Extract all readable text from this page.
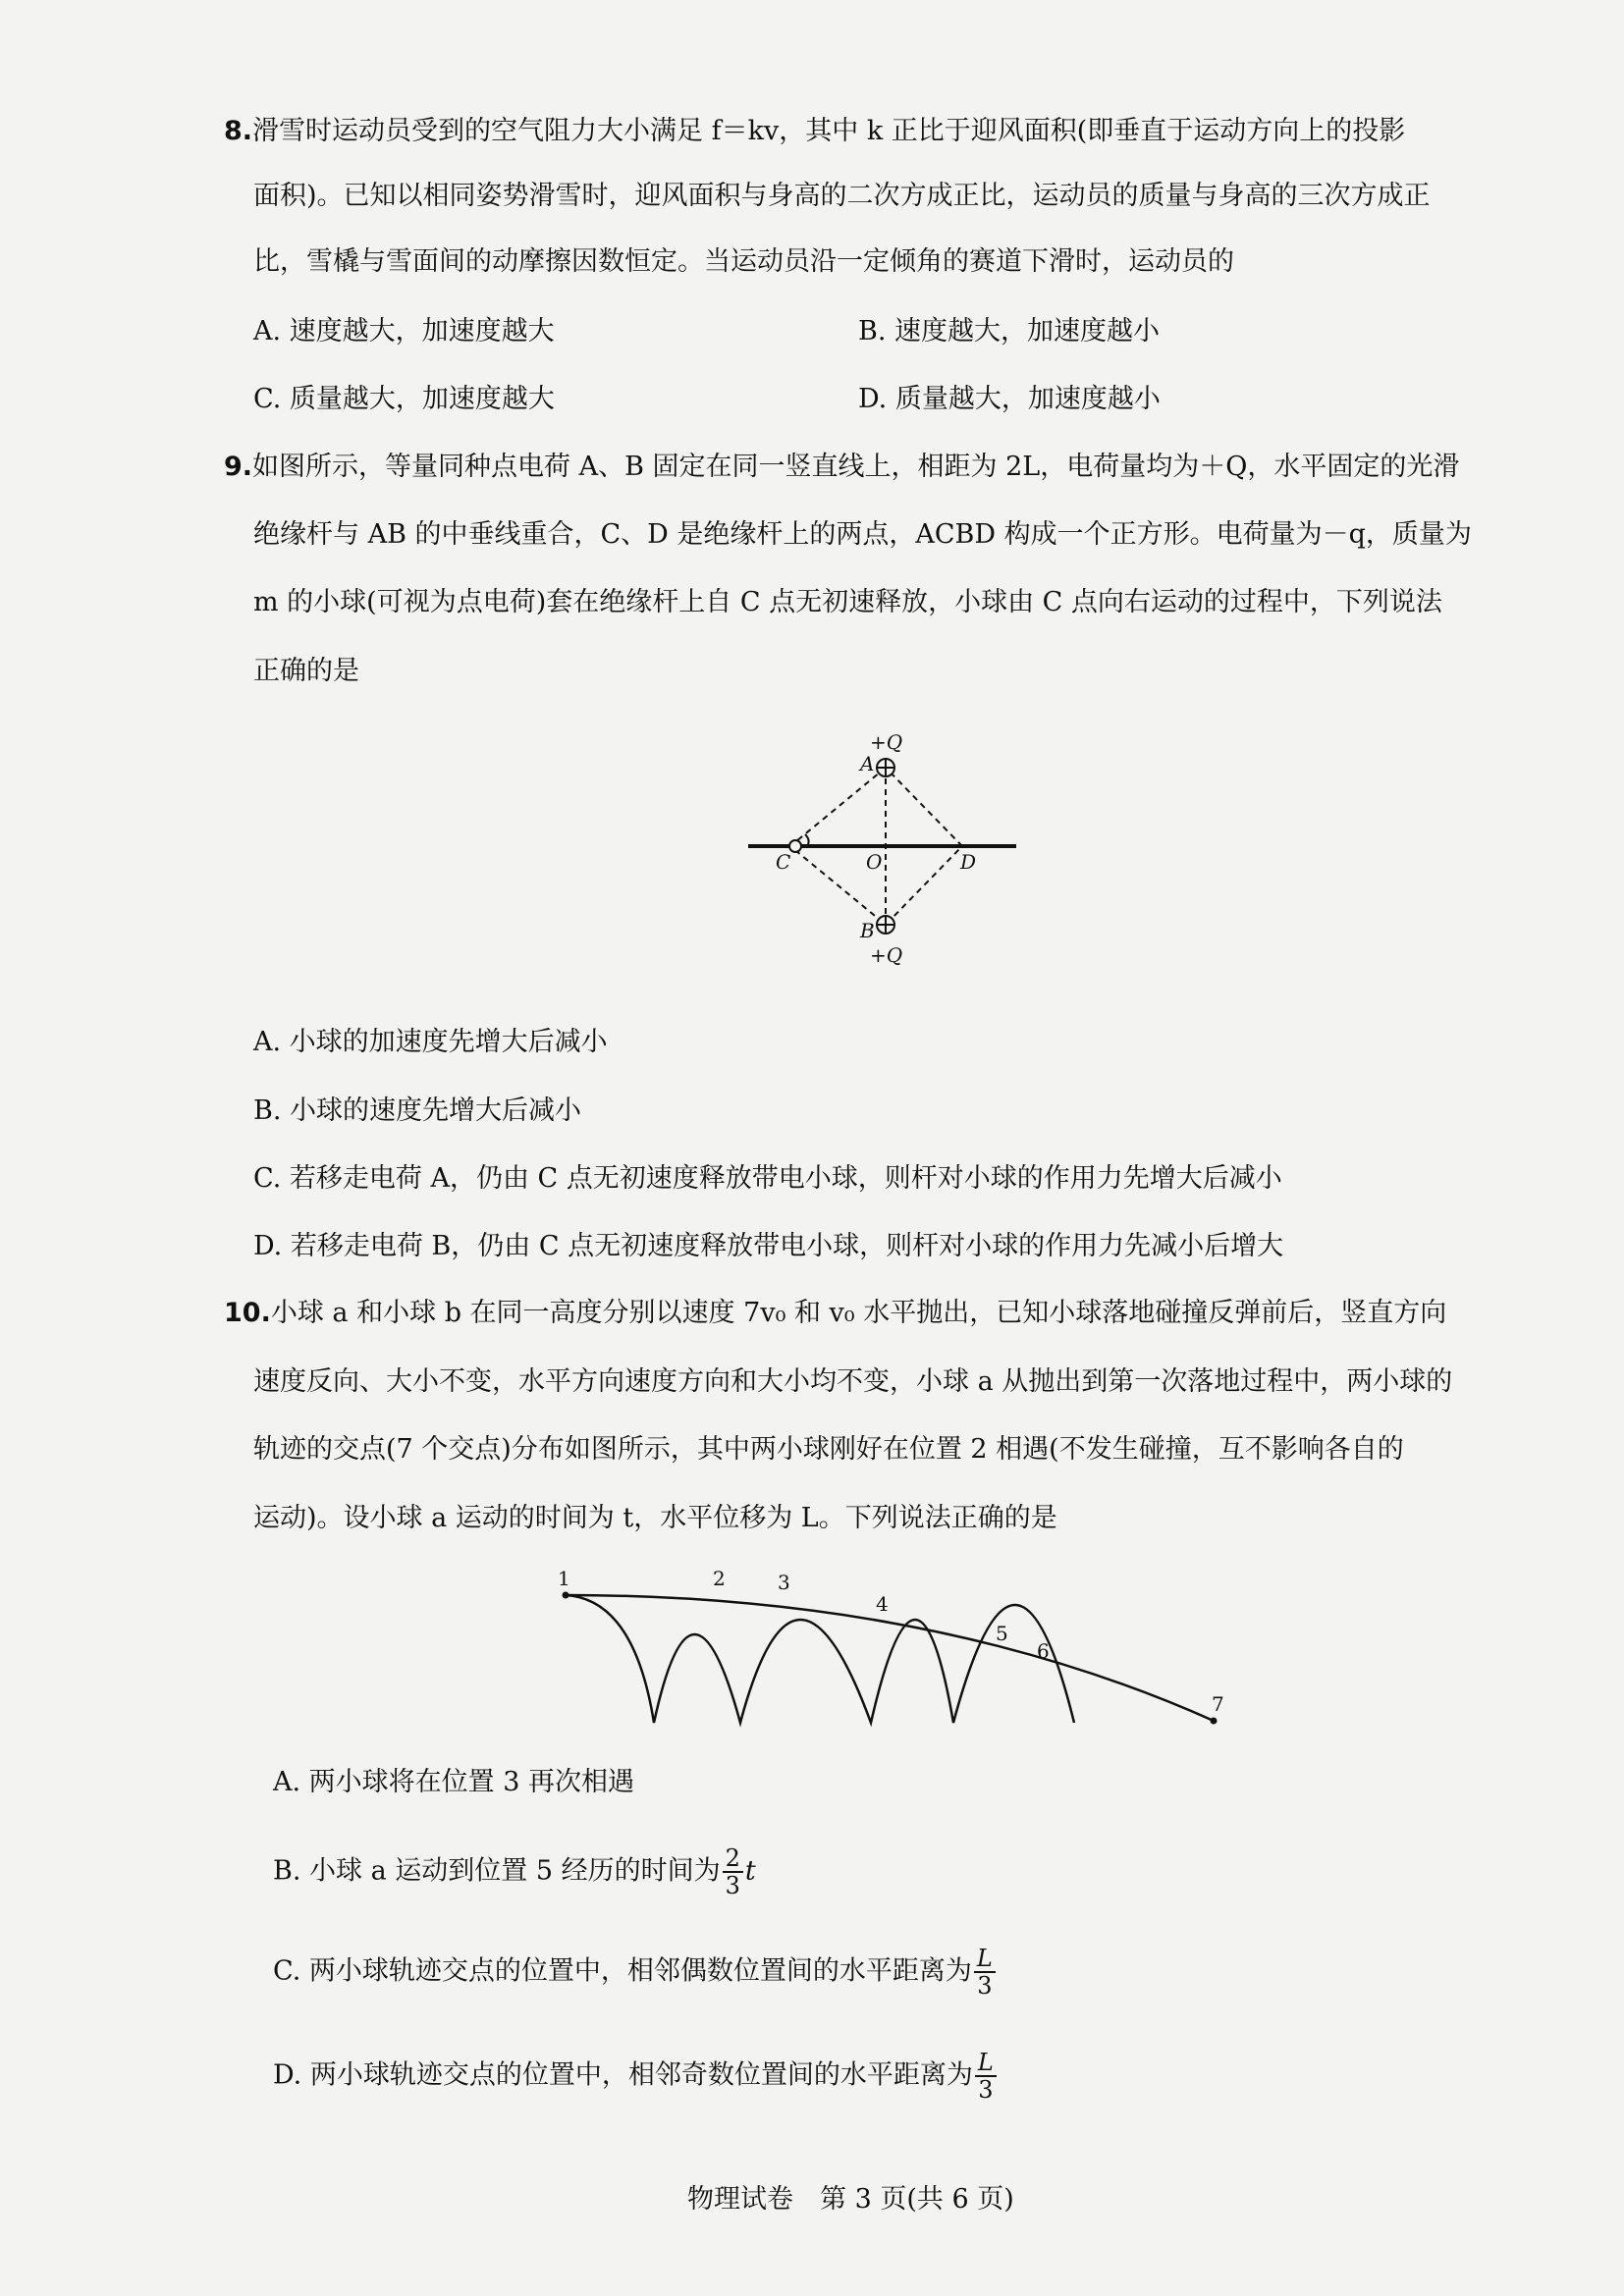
8.滑雪时运动员受到的空气阻力大小满足 f＝kv，其中 k 正比于迎风面积(即垂直于运动方向上的投影
面积)。已知以相同姿势滑雪时，迎风面积与身高的二次方成正比，运动员的质量与身高的三次方成正
比，雪橇与雪面间的动摩擦因数恒定。当运动员沿一定倾角的赛道下滑时，运动员的
A. 速度越大，加速度越大	B. 速度越大，加速度越小
C. 质量越大，加速度越大	D. 质量越大，加速度越小
9.如图所示，等量同种点电荷 A、B 固定在同一竖直线上，相距为 2L，电荷量均为＋Q，水平固定的光滑
绝缘杆与 AB 的中垂线重合，C、D 是绝缘杆上的两点，ACBD 构成一个正方形。电荷量为－q，质量为
m 的小球(可视为点电荷)套在绝缘杆上自 C 点无初速释放，小球由 C 点向右运动的过程中，下列说法
正确的是
+Q
A
B
+Q
C	O	D
A. 小球的加速度先增大后减小
B. 小球的速度先增大后减小
C. 若移走电荷 A，仍由 C 点无初速度释放带电小球，则杆对小球的作用力先增大后减小
D. 若移走电荷 B，仍由 C 点无初速度释放带电小球，则杆对小球的作用力先减小后增大
10.小球 a 和小球 b 在同一高度分别以速度 7v₀ 和 v₀ 水平抛出，已知小球落地碰撞反弹前后，竖直方向
速度反向、大小不变，水平方向速度方向和大小均不变，小球 a 从抛出到第一次落地过程中，两小球的
轨迹的交点(7 个交点)分布如图所示，其中两小球刚好在位置 2 相遇(不发生碰撞，互不影响各自的
运动)。设小球 a 运动的时间为 t，水平位移为 L。下列说法正确的是
1	2	3
4
5
6
7
A. 两小球将在位置 3 再次相遇
B. 小球 a 运动到位置 5 经历的时间为 $\frac{2}{3}$ t
C. 两小球轨迹交点的位置中，相邻偶数位置间的水平距离为 $\frac{L}{3}$
D. 两小球轨迹交点的位置中，相邻奇数位置间的水平距离为 $\frac{L}{3}$
物理试卷　第 3 页(共 6 页)
